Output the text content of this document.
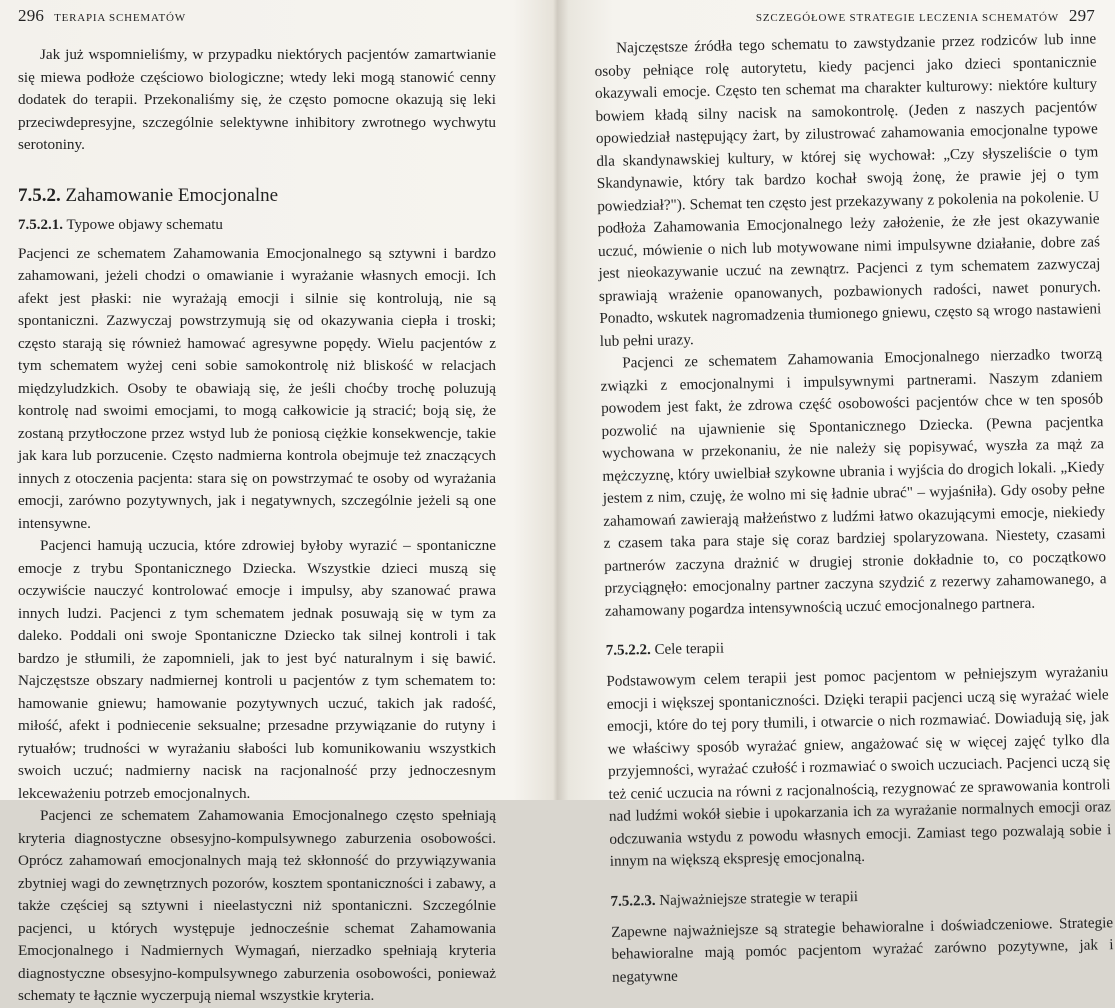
296 TERAPIA SCHEMATÓW

Jak już wspomnieliśmy, w przypadku niektórych pacjentów zamartwianie się miewa podłoże częściowo biologiczne; wtedy leki mogą stanowić cenny dodatek do terapii. Przekonaliśmy się, że często pomocne okazują się leki przeciwdepresyjne, szczególnie selektywne inhibitory zwrotnego wychwytu serotoniny.

7.5.2. Zahamowanie Emocjonalne
7.5.2.1. Typowe objawy schematu

Pacjenci ze schematem Zahamowania Emocjonalnego są sztywni i bardzo zahamowani, jeżeli chodzi o omawianie i wyrażanie własnych emocji. Ich afekt jest płaski: nie wyrażają emocji i silnie się kontrolują, nie są spontaniczni. Zazwyczaj powstrzymują się od okazywania ciepła i troski; często starają się również hamować agresywne popędy. Wielu pacjentów z tym schematem wyżej ceni sobie samokontrolę niż bliskość w relacjach międzyludzkich. Osoby te obawiają się, że jeśli choćby trochę poluzują kontrolę nad swoimi emocjami, to mogą całkowicie ją stracić; boją się, że zostaną przytłoczone przez wstyd lub że poniosą ciężkie konsekwencje, takie jak kara lub porzucenie. Często nadmierna kontrola obejmuje też znaczących innych z otoczenia pacjenta: stara się on powstrzymać te osoby od wyrażania emocji, zarówno pozytywnych, jak i negatywnych, szczególnie jeżeli są one intensywne.

Pacjenci hamują uczucia, które zdrowiej byłoby wyrazić – spontaniczne emocje z trybu Spontanicznego Dziecka. Wszystkie dzieci muszą się oczywiście nauczyć kontrolować emocje i impulsy, aby szanować prawa innych ludzi. Pacjenci z tym schematem jednak posuwają się w tym za daleko. Poddali oni swoje Spontaniczne Dziecko tak silnej kontroli i tak bardzo je stłumili, że zapomnieli, jak to jest być naturalnym i się bawić. Najczęstsze obszary nadmiernej kontroli u pacjentów z tym schematem to: hamowanie gniewu; hamowanie pozytywnych uczuć, takich jak radość, miłość, afekt i podniecenie seksualne; przesadne przywiązanie do rutyny i rytuałów; trudności w wyrażaniu słabości lub komunikowaniu wszystkich swoich uczuć; nadmierny nacisk na racjonalność przy jednoczesnym lekceważeniu potrzeb emocjonalnych.

Pacjenci ze schematem Zahamowania Emocjonalnego często spełniają kryteria diagnostyczne obsesyjno-kompulsywnego zaburzenia osobowości. Oprócz zahamowań emocjonalnych mają też skłonność do przywiązywania zbytniej wagi do zewnętrznych pozorów, kosztem spontaniczności i zabawy, a także częściej są sztywni i nieelastyczni niż spontaniczni. Szczególnie pacjenci, u których występuje jednocześnie schemat Zahamowania Emocjonalnego i Nadmiernych Wymagań, nierzadko spełniają kryteria diagnostyczne obsesyjno-kompulsywnego zaburzenia osobowości, ponieważ schematy te łącznie wyczerpują niemal wszystkie kryteria.

SZCZEGÓŁOWE STRATEGIE LECZENIA SCHEMATÓW 297

Najczęstsze źródła tego schematu to zawstydzanie przez rodziców lub inne osoby pełniące rolę autorytetu, kiedy pacjenci jako dzieci spontanicznie okazywali emocje. Często ten schemat ma charakter kulturowy: niektóre kultury bowiem kładą silny nacisk na samokontrolę. (Jeden z naszych pacjentów opowiedział następujący żart, by zilustrować zahamowania emocjonalne typowe dla skandynawskiej kultury, w której się wychował: „Czy słyszeliście o tym Skandynawie, który tak bardzo kochał swoją żonę, że prawie jej o tym powiedział?"). Schemat ten często jest przekazywany z pokolenia na pokolenie. U podłoża Zahamowania Emocjonalnego leży założenie, że złe jest okazywanie uczuć, mówienie o nich lub motywowane nimi impulsywne działanie, dobre zaś jest nieokazywanie uczuć na zewnątrz. Pacjenci z tym schematem zazwyczaj sprawiają wrażenie opanowanych, pozbawionych radości, nawet ponurych. Ponadto, wskutek nagromadzenia tłumionego gniewu, często są wrogo nastawieni lub pełni urazy.

Pacjenci ze schematem Zahamowania Emocjonalnego nierzadko tworzą związki z emocjonalnymi i impulsywnymi partnerami. Naszym zdaniem powodem jest fakt, że zdrowa część osobowości pacjentów chce w ten sposób pozwolić na ujawnienie się Spontanicznego Dziecka. (Pewna pacjentka wychowana w przekonaniu, że nie należy się popisywać, wyszła za mąż za mężczyznę, który uwielbiał szykowne ubrania i wyjścia do drogich lokali. „Kiedy jestem z nim, czuję, że wolno mi się ładnie ubrać" – wyjaśniła). Gdy osoby pełne zahamowań zawierają małżeństwo z ludźmi łatwo okazującymi emocje, niekiedy z czasem taka para staje się coraz bardziej spolaryzowana. Niestety, czasami partnerów zaczyna drażnić w drugiej stronie dokładnie to, co początkowo przyciągnęło: emocjonalny partner zaczyna szydzić z rezerwy zahamowanego, a zahamowany pogardza intensywnością uczuć emocjonalnego partnera.

7.5.2.2. Cele terapii

Podstawowym celem terapii jest pomoc pacjentom w pełniejszym wyrażaniu emocji i większej spontaniczności. Dzięki terapii pacjenci uczą się wyrażać wiele emocji, które do tej pory tłumili, i otwarcie o nich rozmawiać. Dowiadują się, jak we właściwy sposób wyrażać gniew, angażować się w więcej zajęć tylko dla przyjemności, wyrażać czułość i rozmawiać o swoich uczuciach. Pacjenci uczą się też cenić uczucia na równi z racjonalnością, rezygnować ze sprawowania kontroli nad ludźmi wokół siebie i upokarzania ich za wyrażanie normalnych emocji oraz odczuwania wstydu z powodu własnych emocji. Zamiast tego pozwalają sobie i innym na większą ekspresję emocjonalną.

7.5.2.3. Najważniejsze strategie w terapii

Zapewne najważniejsze są strategie behawioralne i doświadczeniowe. Strategie behawioralne mają pomóc pacjentom wyrażać zarówno pozytywne, jak i negatywne
